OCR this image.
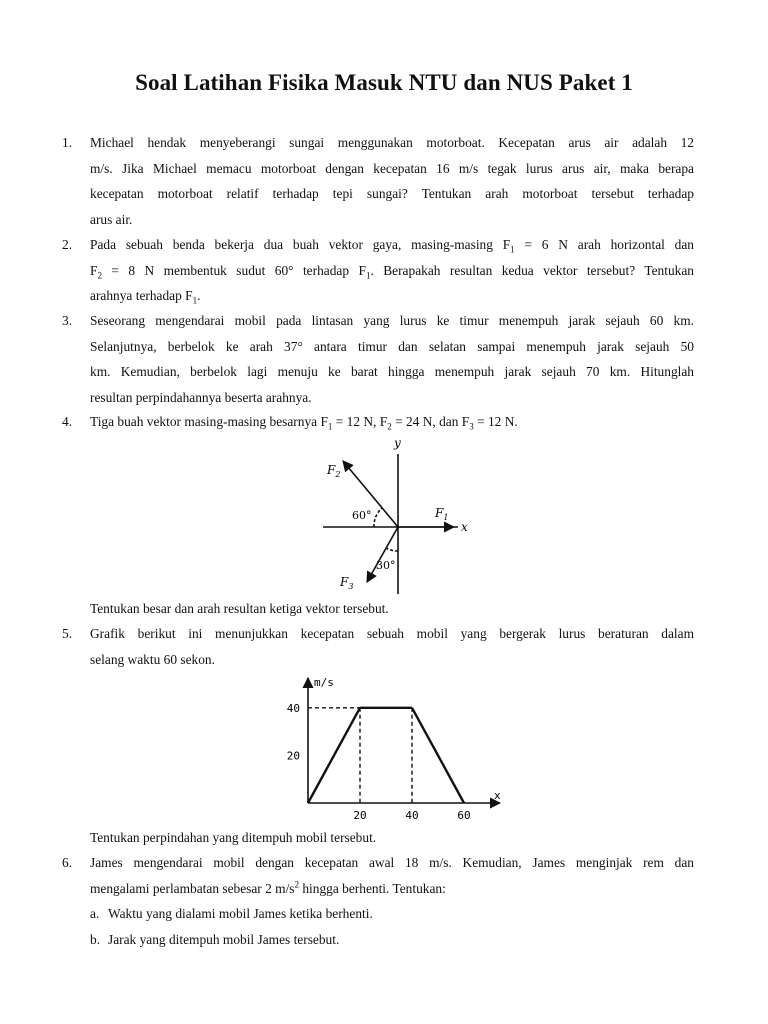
Soal Latihan Fisika Masuk NTU dan NUS Paket 1
1.	Michael hendak menyeberangi sungai menggunakan motorboat. Kecepatan arus air adalah 12
m/s. Jika Michael memacu motorboat dengan kecepatan 16 m/s tegak lurus arus air, maka berapa
kecepatan motorboat relatif terhadap tepi sungai? Tentukan arah motorboat tersebut terhadap
arus air.
2.	Pada sebuah benda bekerja dua buah vektor gaya, masing-masing $F_1 = 6$ N arah horizontal dan
$F_2 = 8$ N membentuk sudut 60° terhadap $F_1$. Berapakah resultan kedua vektor tersebut? Tentukan
arahnya terhadap $F_1$.
3.	Seseorang mengendarai mobil pada lintasan yang lurus ke timur menempuh jarak sejauh 60 km.
Selanjutnya, berbelok ke arah 37° antara timur dan selatan sampai menempuh jarak sejauh 50
km. Kemudian, berbelok lagi menuju ke barat hingga menempuh jarak sejauh 70 km. Hitunglah
resultan perpindahannya beserta arahnya.
4.	Tiga buah vektor masing-masing besarnya $F_1 = 12$ N, $F_2 = 24$ N, dan $F_3 = 12$ N.
y
x
$F_1$
$F_2$
$F_3$
60°
30°
Tentukan besar dan arah resultan ketiga vektor tersebut.
5.	Grafik berikut ini menunjukkan kecepatan sebuah mobil yang bergerak lurus beraturan dalam
selang waktu 60 sekon.
m/s
x
20	40	60
20
40
Tentukan perpindahan yang ditempuh mobil tersebut.
6.	James mengendarai mobil dengan kecepatan awal 18 m/s. Kemudian, James menginjak rem dan
mengalami perlambatan sebesar 2 $m/s^2$ hingga berhenti. Tentukan:
a. Waktu yang dialami mobil James ketika berhenti.
b. Jarak yang ditempuh mobil James tersebut.
